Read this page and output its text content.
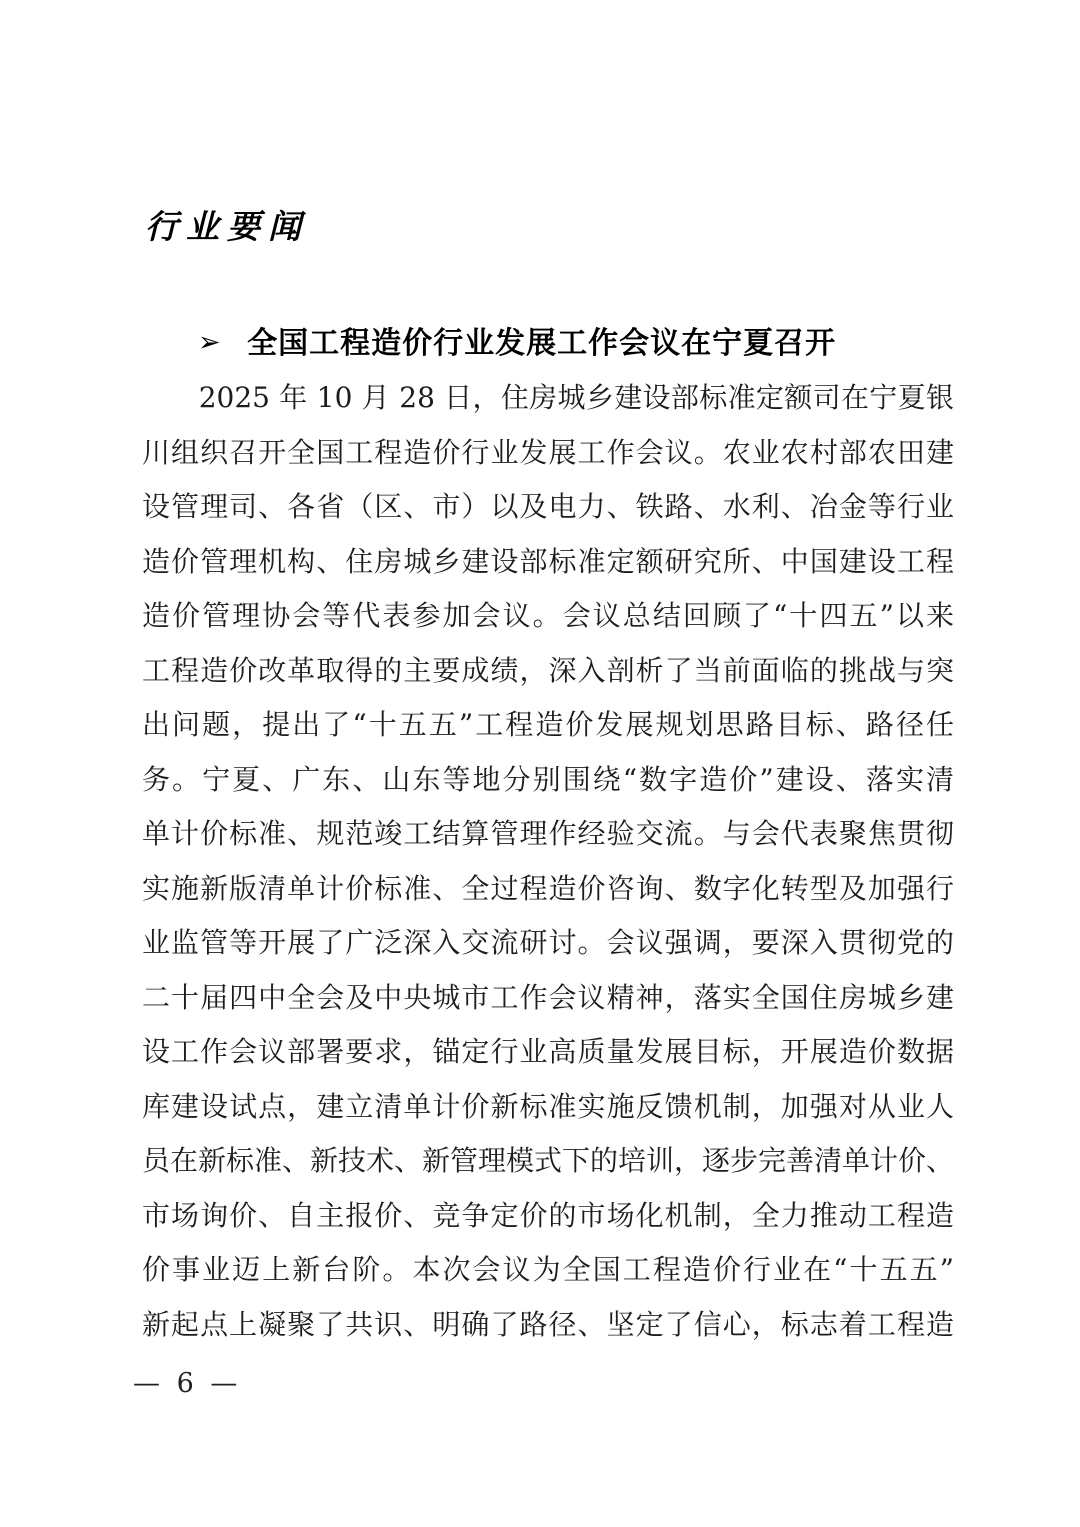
行业要闻
➢ 全国工程造价行业发展工作会议在宁夏召开
　　2025 年 10 月 28 日，住房城乡建设部标准定额司在宁夏银
川组织召开全国工程造价行业发展工作会议。农业农村部农田建
设管理司、各省（区、市）以及电力、铁路、水利、冶金等行业
造价管理机构、住房城乡建设部标准定额研究所、中国建设工程
造价管理协会等代表参加会议。会议总结回顾了“十四五”以来
工程造价改革取得的主要成绩，深入剖析了当前面临的挑战与突
出问题，提出了“十五五”工程造价发展规划思路目标、路径任
务。宁夏、广东、山东等地分别围绕“数字造价”建设、落实清
单计价标准、规范竣工结算管理作经验交流。与会代表聚焦贯彻
实施新版清单计价标准、全过程造价咨询、数字化转型及加强行
业监管等开展了广泛深入交流研讨。会议强调，要深入贯彻党的
二十届四中全会及中央城市工作会议精神，落实全国住房城乡建
设工作会议部署要求，锚定行业高质量发展目标，开展造价数据
库建设试点，建立清单计价新标准实施反馈机制，加强对从业人
员在新标准、新技术、新管理模式下的培训，逐步完善清单计价、
市场询价、自主报价、竞争定价的市场化机制，全力推动工程造
价事业迈上新台阶。本次会议为全国工程造价行业在“十五五”
新起点上凝聚了共识、明确了路径、坚定了信心，标志着工程造
— 6 —
